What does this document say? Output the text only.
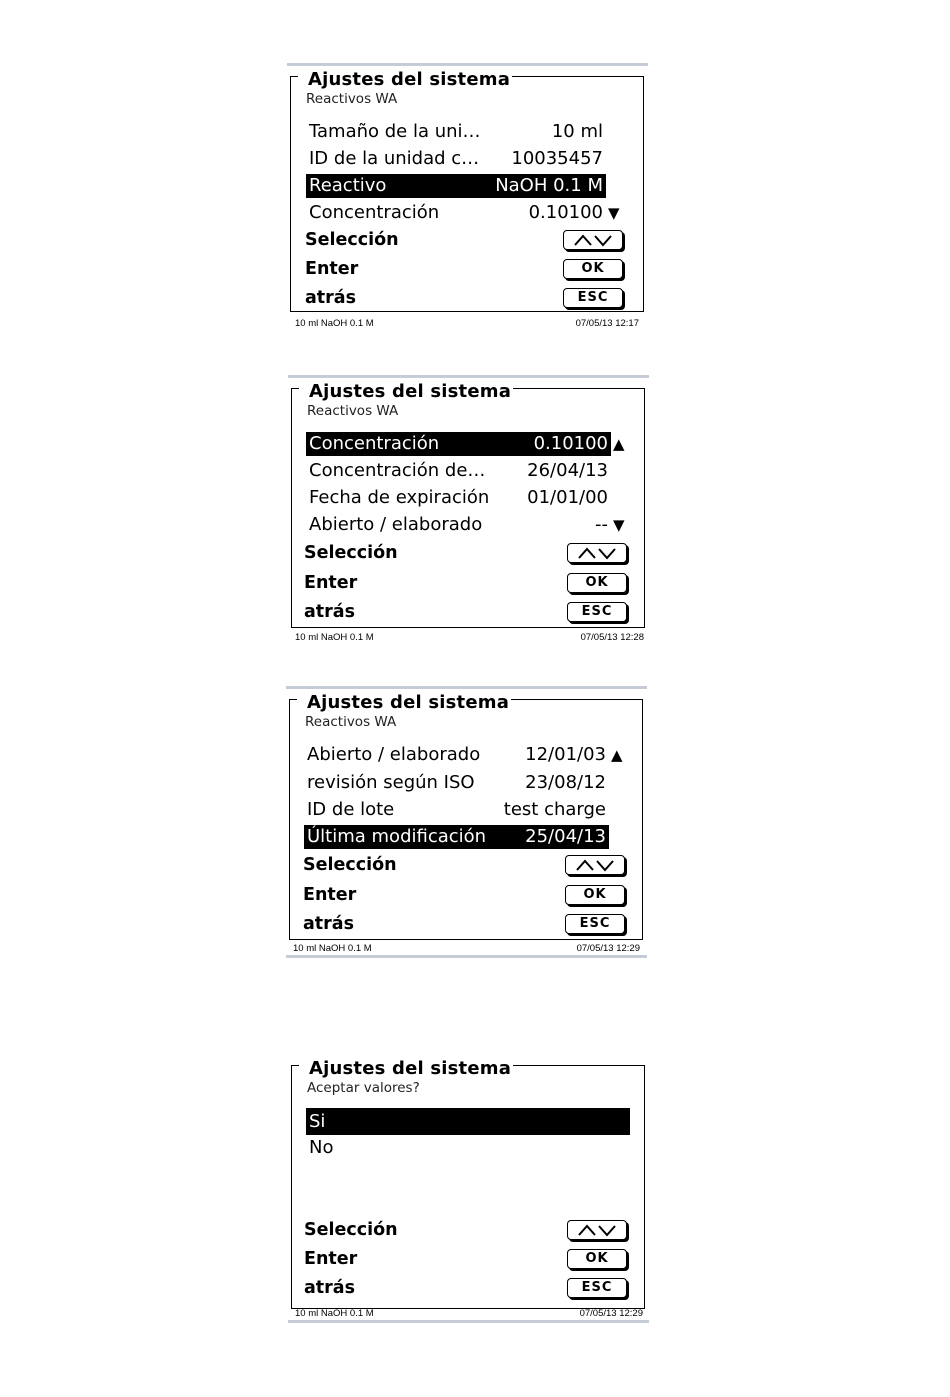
Ajustes del sistema
Reactivos WA
Tamaño de la uni…	10 ml
ID de la unidad c… 10035457
Reactivo	NaOH 0.1 M
Concentración	0.10100 ▼
Selección
Enter
atrás
OK
ESC
10 ml NaOH 0.1 M	07/05/13 12:17
Ajustes del sistema
Reactivos WA
Concentración	0.10100 ▲
Concentración de… 26/04/13
Fecha de expiración 01/01/00
Abierto / elaborado	-- ▼
Selección
Enter
atrás
OK
ESC
10 ml NaOH 0.1 M	07/05/13 12:28
Ajustes del sistema
Reactivos WA
Abierto / elaborado 12/01/03 ▲
revisión según ISO	23/08/12
ID de lote	test charge
Última modificación 25/04/13
Selección
Enter
atrás
OK
ESC
10 ml NaOH 0.1 M	07/05/13 12:29
Ajustes del sistema
Aceptar valores?
Si
No
Selección
Enter
atrás
OK
ESC
10 ml NaOH 0.1 M	07/05/13 12:29
